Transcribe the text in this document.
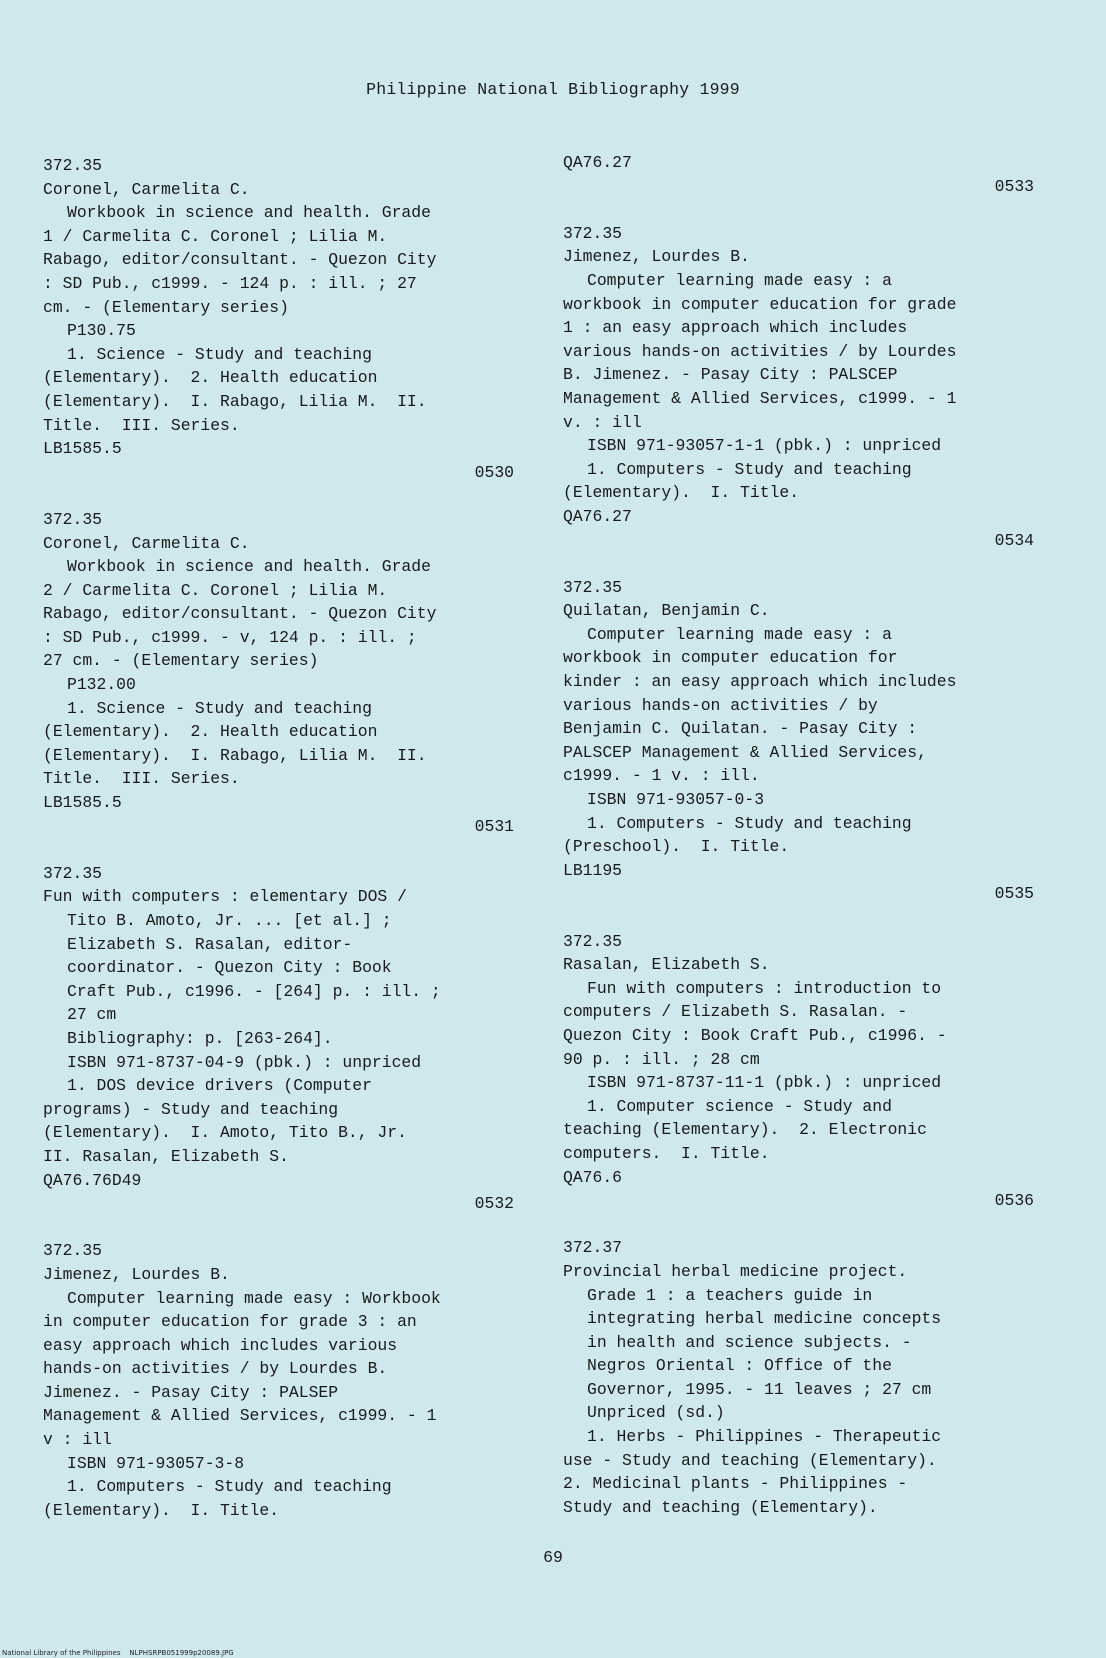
Philippine National Bibliography 1999
372.35
Coronel, Carmelita C.
Workbook in science and health. Grade
1 / Carmelita C. Coronel ; Lilia M.
Rabago, editor/consultant. - Quezon City
: SD Pub., c1999. - 124 p. : ill. ; 27
cm. - (Elementary series)
P130.75
1. Science - Study and teaching
(Elementary).  2. Health education
(Elementary).  I. Rabago, Lilia M.  II.
Title.  III. Series.
LB1585.5
0530
372.35
Coronel, Carmelita C.
Workbook in science and health. Grade
2 / Carmelita C. Coronel ; Lilia M.
Rabago, editor/consultant. - Quezon City
: SD Pub., c1999. - v, 124 p. : ill. ;
27 cm. - (Elementary series)
P132.00
1. Science - Study and teaching
(Elementary).  2. Health education
(Elementary).  I. Rabago, Lilia M.  II.
Title.  III. Series.
LB1585.5
0531
372.35
Fun with computers : elementary DOS /
Tito B. Amoto, Jr. ... [et al.] ;
Elizabeth S. Rasalan, editor-
coordinator. - Quezon City : Book
Craft Pub., c1996. - [264] p. : ill. ;
27 cm
Bibliography: p. [263-264].
ISBN 971-8737-04-9 (pbk.) : unpriced
1. DOS device drivers (Computer
programs) - Study and teaching
(Elementary).  I. Amoto, Tito B., Jr.
II. Rasalan, Elizabeth S.
QA76.76D49
0532
372.35
Jimenez, Lourdes B.
Computer learning made easy : Workbook
in computer education for grade 3 : an
easy approach which includes various
hands-on activities / by Lourdes B.
Jimenez. - Pasay City : PALSEP
Management & Allied Services, c1999. - 1
v : ill
ISBN 971-93057-3-8
1. Computers - Study and teaching
(Elementary).  I. Title.
QA76.27
0533
372.35
Jimenez, Lourdes B.
Computer learning made easy : a
workbook in computer education for grade
1 : an easy approach which includes
various hands-on activities / by Lourdes
B. Jimenez. - Pasay City : PALSCEP
Management & Allied Services, c1999. - 1
v. : ill
ISBN 971-93057-1-1 (pbk.) : unpriced
1. Computers - Study and teaching
(Elementary).  I. Title.
QA76.27
0534
372.35
Quilatan, Benjamin C.
Computer learning made easy : a
workbook in computer education for
kinder : an easy approach which includes
various hands-on activities / by
Benjamin C. Quilatan. - Pasay City :
PALSCEP Management & Allied Services,
c1999. - 1 v. : ill.
ISBN 971-93057-0-3
1. Computers - Study and teaching
(Preschool).  I. Title.
LB1195
0535
372.35
Rasalan, Elizabeth S.
Fun with computers : introduction to
computers / Elizabeth S. Rasalan. -
Quezon City : Book Craft Pub., c1996. -
90 p. : ill. ; 28 cm
ISBN 971-8737-11-1 (pbk.) : unpriced
1. Computer science - Study and
teaching (Elementary).  2. Electronic
computers.  I. Title.
QA76.6
0536
372.37
Provincial herbal medicine project.
Grade 1 : a teachers guide in
integrating herbal medicine concepts
in health and science subjects. -
Negros Oriental : Office of the
Governor, 1995. - 11 leaves ; 27 cm
Unpriced (sd.)
1. Herbs - Philippines - Therapeutic
use - Study and teaching (Elementary).
2. Medicinal plants - Philippines -
Study and teaching (Elementary).
69
National Library of the Philippines    NLPHSRPB051999p20089.JPG
